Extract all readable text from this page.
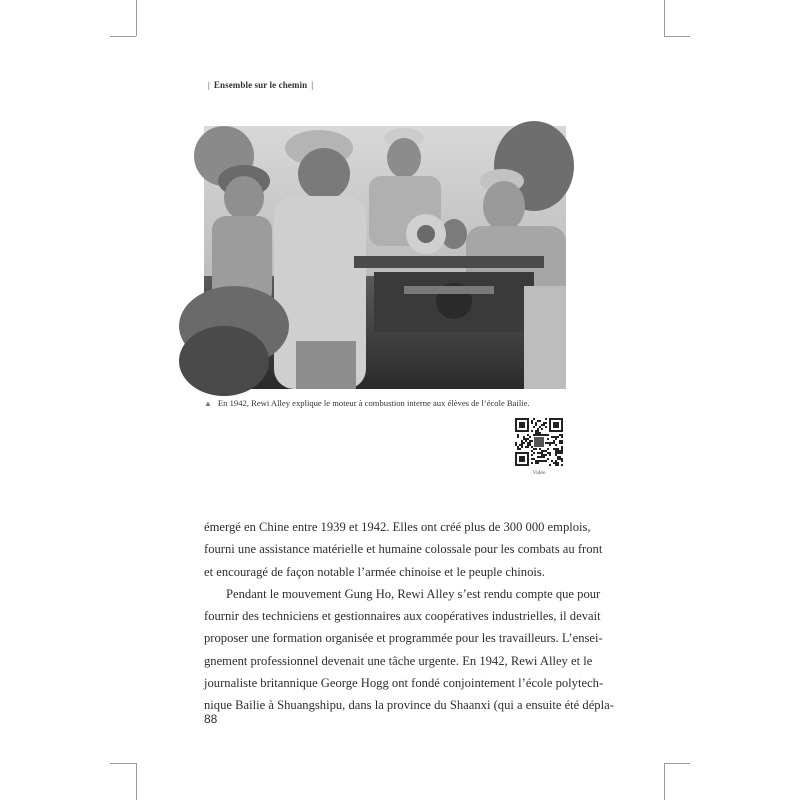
| Ensemble sur le chemin |
▲ En 1942, Rewi Alley explique le moteur à combustion interne aux élèves de l’école Bailie.
Vidéo
émergé en Chine entre 1939 et 1942. Elles ont créé plus de 300 000 emplois,
fourni une assistance matérielle et humaine colossale pour les combats au front
et encouragé de façon notable l’armée chinoise et le peuple chinois.
Pendant le mouvement Gung Ho, Rewi Alley s’est rendu compte que pour
fournir des techniciens et gestionnaires aux coopératives industrielles, il devait
proposer une formation organisée et programmée pour les travailleurs. L’ensei-
gnement professionnel devenait une tâche urgente. En 1942, Rewi Alley et le
journaliste britannique George Hogg ont fondé conjointement l’école polytech-
nique Bailie à Shuangshipu, dans la province du Shaanxi (qui a ensuite été dépla-
88
